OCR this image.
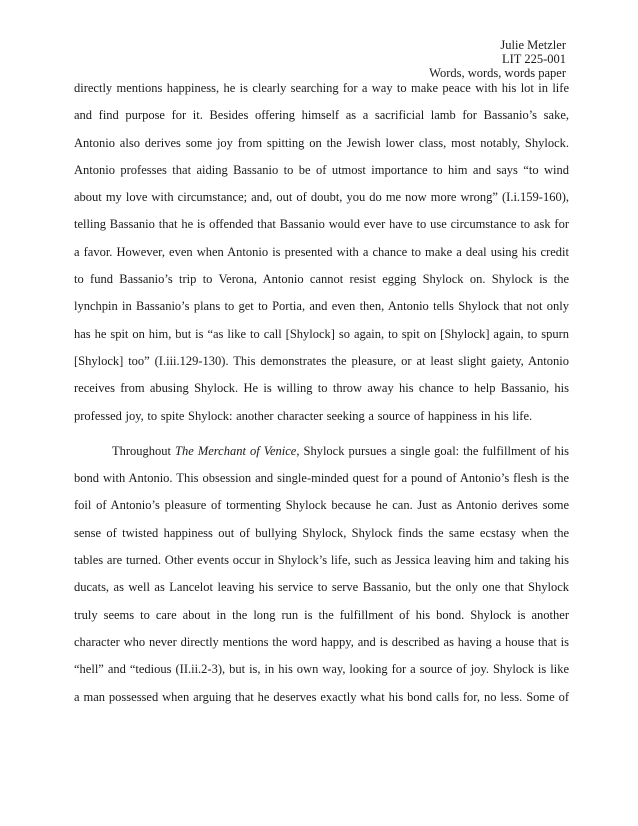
Julie Metzler
LIT 225-001
Words, words, words paper
directly mentions happiness, he is clearly searching for a way to make peace with his lot in life
and find purpose for it. Besides offering himself as a sacrificial lamb for Bassanio’s sake,
Antonio also derives some joy from spitting on the Jewish lower class, most notably, Shylock.
Antonio professes that aiding Bassanio to be of utmost importance to him and says “to wind
about my love with circumstance; and, out of doubt, you do me now more wrong” (I.i.159-160),
telling Bassanio that he is offended that Bassanio would ever have to use circumstance to ask for
a favor. However, even when Antonio is presented with a chance to make a deal using his credit
to fund Bassanio’s trip to Verona, Antonio cannot resist egging Shylock on. Shylock is the
lynchpin in Bassanio’s plans to get to Portia, and even then, Antonio tells Shylock that not only
has he spit on him, but is “as like to call [Shylock] so again, to spit on [Shylock] again, to spurn
[Shylock] too” (I.iii.129-130). This demonstrates the pleasure, or at least slight gaiety, Antonio
receives from abusing Shylock. He is willing to throw away his chance to help Bassanio, his
professed joy, to spite Shylock: another character seeking a source of happiness in his life.
Throughout The Merchant of Venice, Shylock pursues a single goal: the fulfillment of his
bond with Antonio. This obsession and single-minded quest for a pound of Antonio’s flesh is the
foil of Antonio’s pleasure of tormenting Shylock because he can. Just as Antonio derives some
sense of twisted happiness out of bullying Shylock, Shylock finds the same ecstasy when the
tables are turned. Other events occur in Shylock’s life, such as Jessica leaving him and taking his
ducats, as well as Lancelot leaving his service to serve Bassanio, but the only one that Shylock
truly seems to care about in the long run is the fulfillment of his bond. Shylock is another
character who never directly mentions the word happy, and is described as having a house that is
“hell” and “tedious (II.ii.2-3), but is, in his own way, looking for a source of joy. Shylock is like
a man possessed when arguing that he deserves exactly what his bond calls for, no less. Some of
